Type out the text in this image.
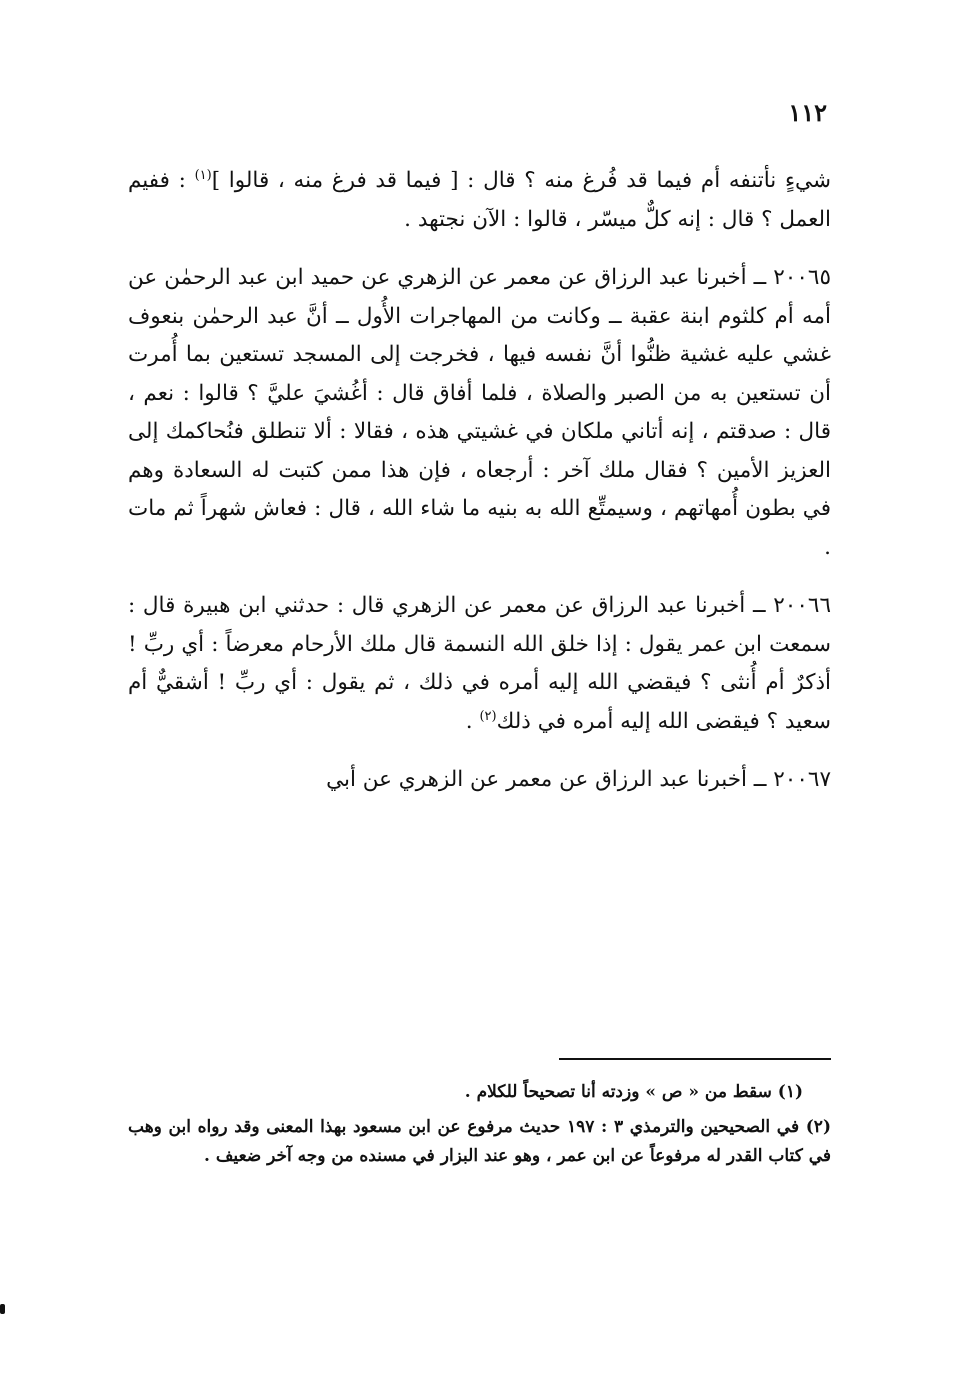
١١٢

شيءٍ نأتنفه أم فيما قد فُرغ منه ؟ قال : [ فيما قد فرغ منه ، قالوا ]$^{(١)}$ : ففيم العمل ؟ قال : إنه كلٌّ ميسّر ، قالوا : الآن نجتهد .

٢٠٠٦٥ ــ أخبرنا عبد الرزاق عن معمر عن الزهري عن حميد ابن عبد الرحمٰن عن أمه أم كلثوم ابنة عقبة ــ وكانت من المهاجرات الأُول ــ أنَّ عبد الرحمٰن بنعوف غشي عليه غشية ظنُّوا أنَّ نفسه فيها ، فخرجت إلى المسجد تستعين بما أُمرت أن تستعين به من الصبر والصلاة ، فلما أفاق قال : أغُشيَ عليَّ ؟ قالوا : نعم ، قال : صدقتم ، إنه أتاني ملكان في غشيتي هذه ، فقالا : ألا تنطلق فنُحاكمك إلى العزيز الأمين ؟ فقال ملك آخر : أرجعاه ، فإن هذا ممن كتبت له السعادة وهم في بطون أُمهاتهم ، وسيمتِّع الله به بنيه ما شاء الله ، قال : فعاش شهراً ثم مات .

٢٠٠٦٦ ــ أخبرنا عبد الرزاق عن معمر عن الزهري قال : حدثني ابن هبيرة قال : سمعت ابن عمر يقول : إذا خلق الله النسمة قال ملك الأرحام معرضاً : أي ربِّ ! أذكرٌ أم أُنثى ؟ فيقضي الله إليه أمره في ذلك ، ثم يقول : أي ربِّ ! أشقيٌّ أم سعيد ؟ فيقضى الله إليه أمره في ذلك$^{(٢)}$ .

٢٠٠٦٧ ــ أخبرنا عبد الرزاق عن معمر عن الزهري عن أبي

(١) سقط من « ص » وزدته أنا تصحيحاً للكلام .

(٢) في الصحيحين والترمذي ٣ : ١٩٧ حديث مرفوع عن ابن مسعود بهذا المعنى وقد رواه ابن وهب في كتاب القدر له مرفوعاً عن ابن عمر ، وهو عند البزار في مسنده من وجه آخر ضعيف .
